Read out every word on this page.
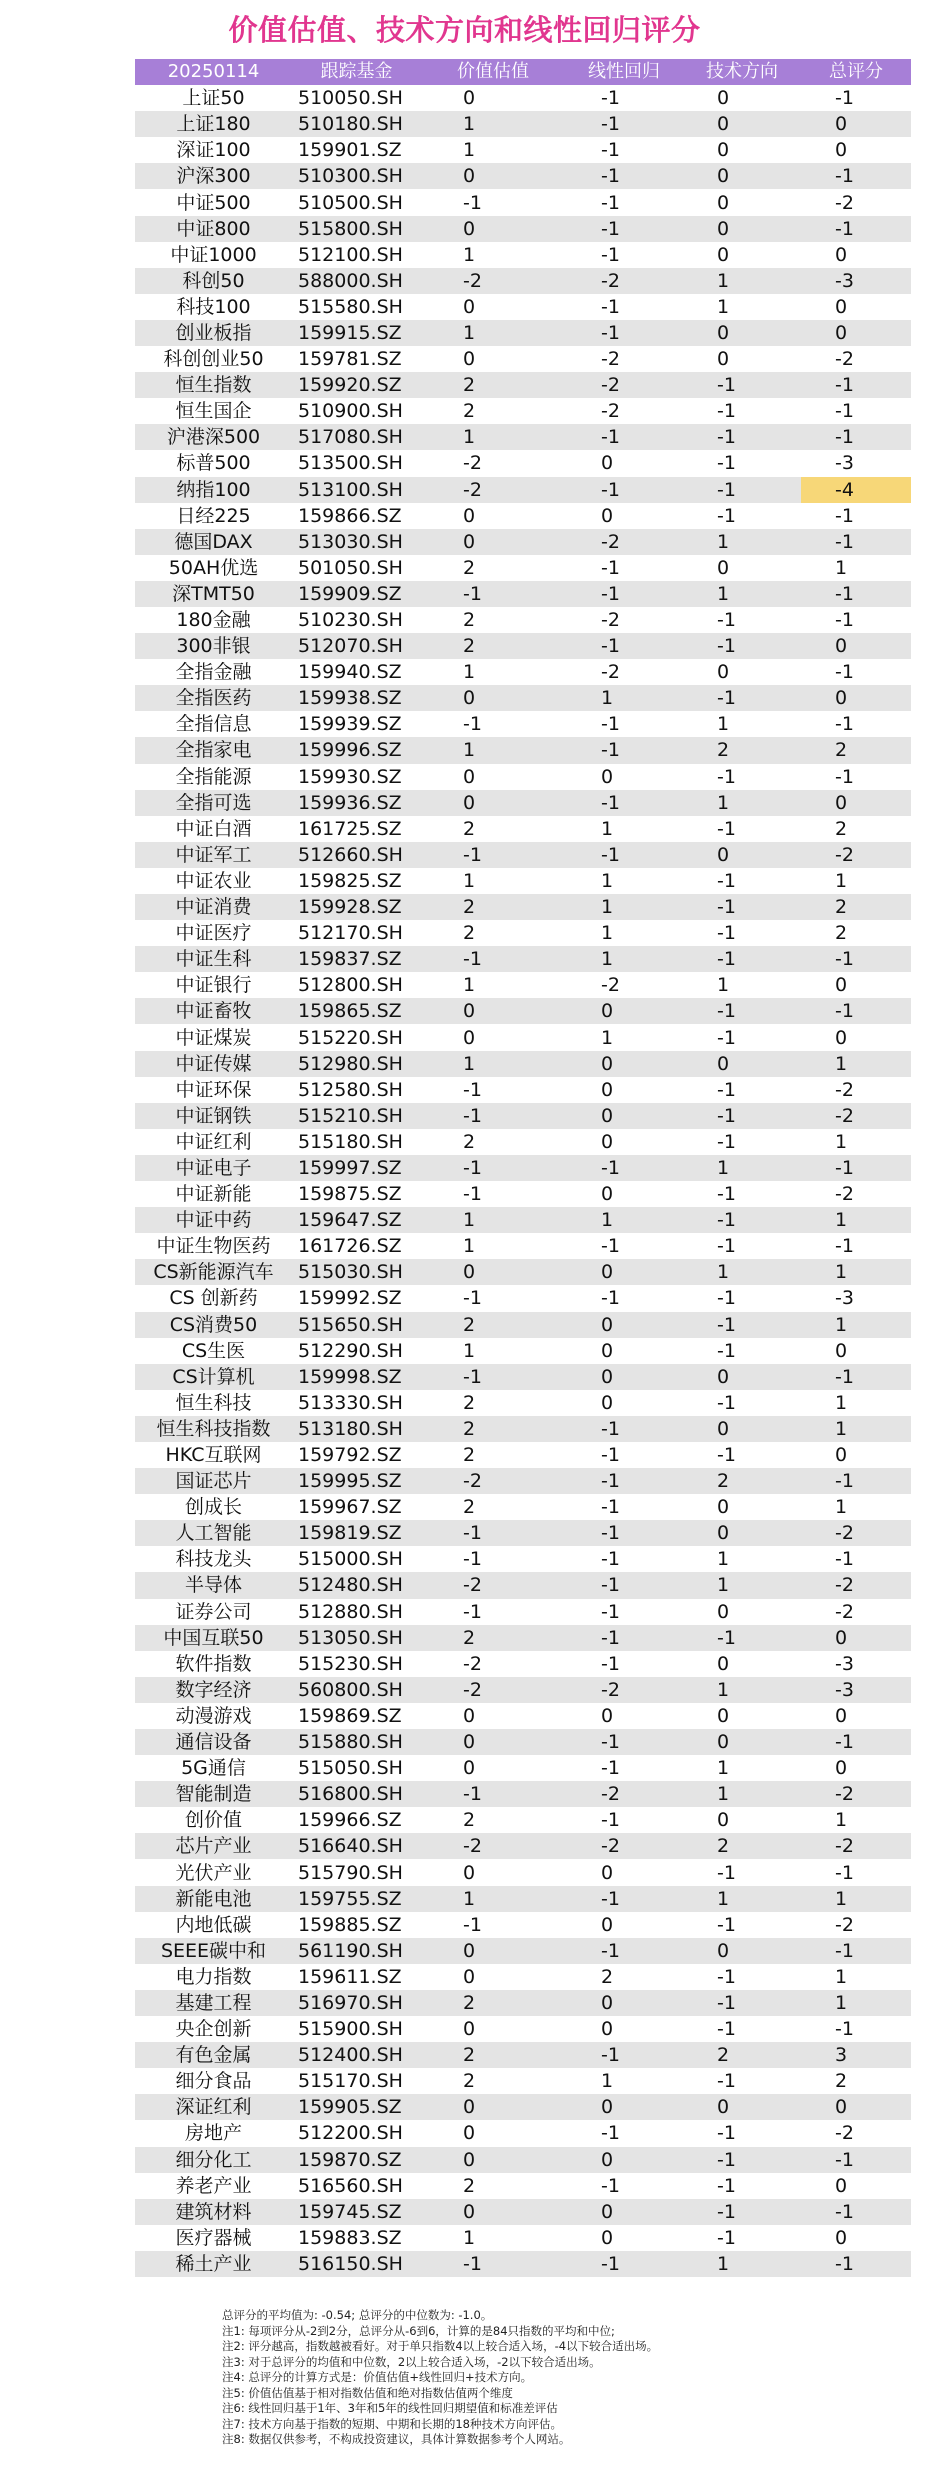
价值估值、技术方向和线性回归评分
20250114	跟踪基金	价值估值	线性回归	技术方向	总评分
上证50	510050.SH	0	-1	0	-1
上证180	510180.SH	1	-1	0	0
深证100	159901.SZ	1	-1	0	0
沪深300	510300.SH	0	-1	0	-1
中证500	510500.SH	-1	-1	0	-2
中证800	515800.SH	0	-1	0	-1
中证1000	512100.SH	1	-1	0	0
科创50	588000.SH	-2	-2	1	-3
科技100	515580.SH	0	-1	1	0
创业板指	159915.SZ	1	-1	0	0
科创创业50	159781.SZ	0	-2	0	-2
恒生指数	159920.SZ	2	-2	-1	-1
恒生国企	510900.SH	2	-2	-1	-1
沪港深500	517080.SH	1	-1	-1	-1
标普500	513500.SH	-2	0	-1	-3
纳指100	513100.SH	-2	-1	-1	-4
日经225	159866.SZ	0	0	-1	-1
德国DAX	513030.SH	0	-2	1	-1
50AH优选	501050.SH	2	-1	0	1
深TMT50	159909.SZ	-1	-1	1	-1
180金融	510230.SH	2	-2	-1	-1
300非银	512070.SH	2	-1	-1	0
全指金融	159940.SZ	1	-2	0	-1
全指医药	159938.SZ	0	1	-1	0
全指信息	159939.SZ	-1	-1	1	-1
全指家电	159996.SZ	1	-1	2	2
全指能源	159930.SZ	0	0	-1	-1
全指可选	159936.SZ	0	-1	1	0
中证白酒	161725.SZ	2	1	-1	2
中证军工	512660.SH	-1	-1	0	-2
中证农业	159825.SZ	1	1	-1	1
中证消费	159928.SZ	2	1	-1	2
中证医疗	512170.SH	2	1	-1	2
中证生科	159837.SZ	-1	1	-1	-1
中证银行	512800.SH	1	-2	1	0
中证畜牧	159865.SZ	0	0	-1	-1
中证煤炭	515220.SH	0	1	-1	0
中证传媒	512980.SH	1	0	0	1
中证环保	512580.SH	-1	0	-1	-2
中证钢铁	515210.SH	-1	0	-1	-2
中证红利	515180.SH	2	0	-1	1
中证电子	159997.SZ	-1	-1	1	-1
中证新能	159875.SZ	-1	0	-1	-2
中证中药	159647.SZ	1	1	-1	1
中证生物医药	161726.SZ	1	-1	-1	-1
CS新能源汽车	515030.SH	0	0	1	1
CS 创新药	159992.SZ	-1	-1	-1	-3
CS消费50	515650.SH	2	0	-1	1
CS生医	512290.SH	1	0	-1	0
CS计算机	159998.SZ	-1	0	0	-1
恒生科技	513330.SH	2	0	-1	1
恒生科技指数	513180.SH	2	-1	0	1
HKC互联网	159792.SZ	2	-1	-1	0
国证芯片	159995.SZ	-2	-1	2	-1
创成长	159967.SZ	2	-1	0	1
人工智能	159819.SZ	-1	-1	0	-2
科技龙头	515000.SH	-1	-1	1	-1
半导体	512480.SH	-2	-1	1	-2
证券公司	512880.SH	-1	-1	0	-2
中国互联50	513050.SH	2	-1	-1	0
软件指数	515230.SH	-2	-1	0	-3
数字经济	560800.SH	-2	-2	1	-3
动漫游戏	159869.SZ	0	0	0	0
通信设备	515880.SH	0	-1	0	-1
5G通信	515050.SH	0	-1	1	0
智能制造	516800.SH	-1	-2	1	-2
创价值	159966.SZ	2	-1	0	1
芯片产业	516640.SH	-2	-2	2	-2
光伏产业	515790.SH	0	0	-1	-1
新能电池	159755.SZ	1	-1	1	1
内地低碳	159885.SZ	-1	0	-1	-2
SEEE碳中和	561190.SH	0	-1	0	-1
电力指数	159611.SZ	0	2	-1	1
基建工程	516970.SH	2	0	-1	1
央企创新	515900.SH	0	0	-1	-1
有色金属	512400.SH	2	-1	2	3
细分食品	515170.SH	2	1	-1	2
深证红利	159905.SZ	0	0	0	0
房地产	512200.SH	0	-1	-1	-2
细分化工	159870.SZ	0	0	-1	-1
养老产业	516560.SH	2	-1	-1	0
建筑材料	159745.SZ	0	0	-1	-1
医疗器械	159883.SZ	1	0	-1	0
稀土产业	516150.SH	-1	-1	1	-1
总评分的平均值为: -0.54; 总评分的中位数为: -1.0。
注1: 每项评分从-2到2分，总评分从-6到6，计算的是84只指数的平均和中位;
注2: 评分越高，指数越被看好。对于单只指数4以上较合适入场，-4以下较合适出场。
注3: 对于总评分的均值和中位数，2以上较合适入场，-2以下较合适出场。
注4: 总评分的计算方式是：价值估值+线性回归+技术方向。
注5: 价值估值基于相对指数估值和绝对指数估值两个维度
注6: 线性回归基于1年、3年和5年的线性回归期望值和标准差评估
注7: 技术方向基于指数的短期、中期和长期的18种技术方向评估。
注8: 数据仅供参考，不构成投资建议，具体计算数据参考个人网站。
